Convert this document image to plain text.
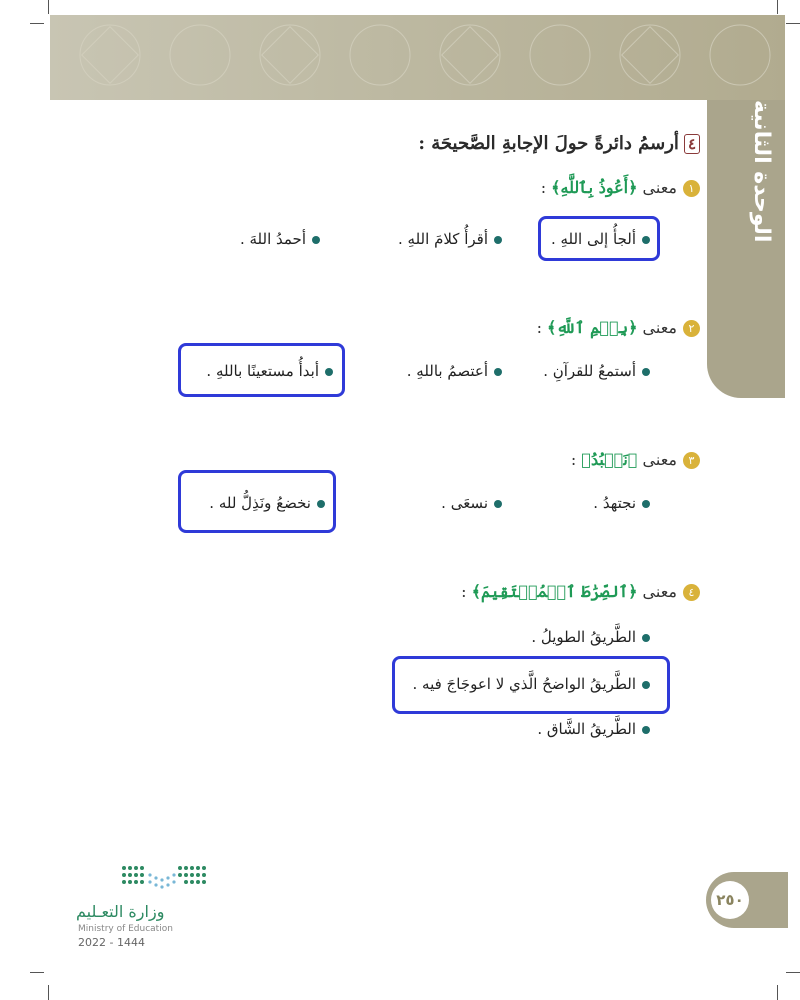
الوحدة الثانية
٤أرسمُ دائرةً حولَ الإجابةِ الصَّحيحَة :
١معنى ﴿أَعُوذُ بِٱللَّهِ﴾ :
ألجأُ إلى اللهِ .
أقرأُ كلامَ اللهِ .
أحمدُ اللهَ .
٢معنى ﴿بِسۡمِ ٱللَّهِ﴾ :
أستمعُ للقرآنِ .
أعتصمُ باللهِ .
أبدأُ مستعينًا باللهِ .
٣معنى ﴿نَعۡبُدُ﴾ :
نجتهدُ .
نسعَى .
نخضعُ ونَذِلُّ لله .
٤معنى ﴿ٱلصِّرَٰطَ ٱلۡمُسۡتَقِيمَ﴾ :
الطَّريقُ الطويلُ .
الطَّريقُ الواضحُ الَّذي لا اعوجَاجَ فيه .
الطَّريقُ الشَّاق .
٢٥٠
وزارة التعـليم
Ministry of Education
2022 - 1444
